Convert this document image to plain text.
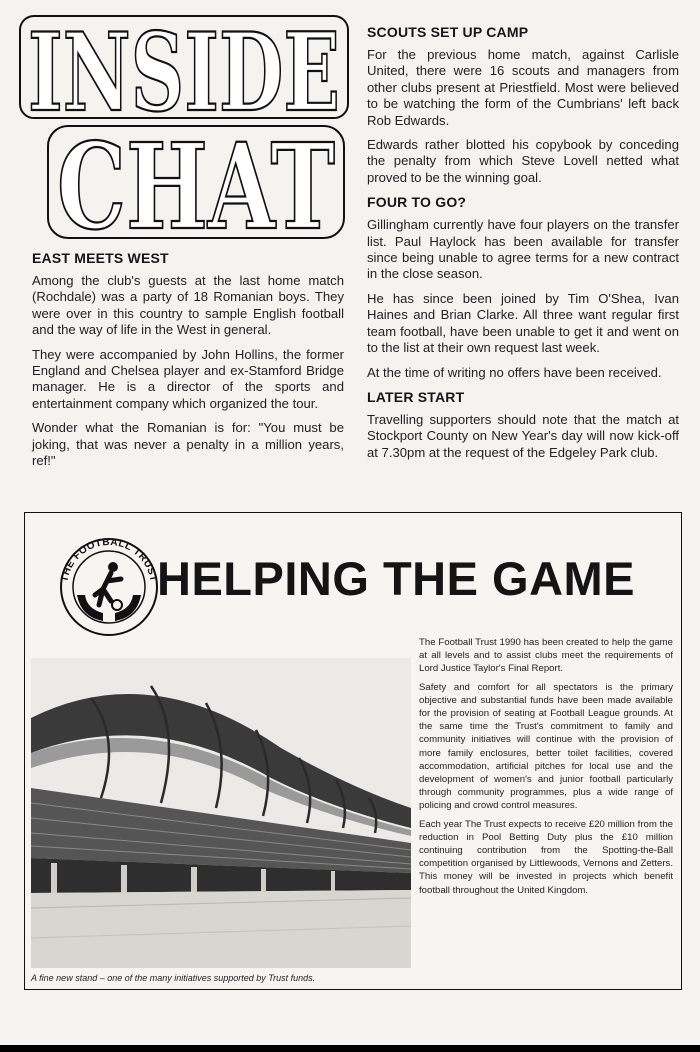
INSIDE
CHAT
EAST MEETS WEST

Among the club's guests at the last home match (Rochdale) was a party of 18 Romanian boys. They were over in this country to sample English football and the way of life in the West in general.

They were accompanied by John Hollins, the former England and Chelsea player and ex-Stamford Bridge manager. He is a director of the sports and entertainment company which organized the tour.

Wonder what the Romanian is for: "You must be joking, that was never a penalty in a million years, ref!"

SCOUTS SET UP CAMP

For the previous home match, against Carlisle United, there were 16 scouts and managers from other clubs present at Priestfield. Most were believed to be watching the form of the Cumbrians' left back Rob Edwards.

Edwards rather blotted his copybook by conceding the penalty from which Steve Lovell netted what proved to be the winning goal.

FOUR TO GO?

Gillingham currently have four players on the transfer list. Paul Haylock has been available for transfer since being unable to agree terms for a new contract in the close season.

He has since been joined by Tim O'Shea, Ivan Haines and Brian Clarke. All three want regular first team football, have been unable to get it and went on to the list at their own request last week.

At the time of writing no offers have been received.

LATER START

Travelling supporters should note that the match at Stockport County on New Year's day will now kick-off at 7.30pm at the request of the Edgeley Park club.

THE FOOTBALL TRUST
HELPING THE GAME
A fine new stand – one of the many initiatives supported by Trust funds.

The Football Trust 1990 has been created to help the game at all levels and to assist clubs meet the requirements of Lord Justice Taylor's Final Report.

Safety and comfort for all spectators is the primary objective and substantial funds have been made available for the provision of seating at Football League grounds. At the same time the Trust's commitment to family and community initiatives will continue with the provision of more family enclosures, better toilet facilities, covered accommodation, artificial pitches for local use and the development of women's and junior football particularly through community programmes, plus a wide range of policing and crowd control measures.

Each year The Trust expects to receive £20 million from the reduction in Pool Betting Duty plus the £10 million continuing contribution from the Spotting-the-Ball competition organised by Littlewoods, Vernons and Zetters. This money will be invested in projects which benefit football throughout the United Kingdom.
